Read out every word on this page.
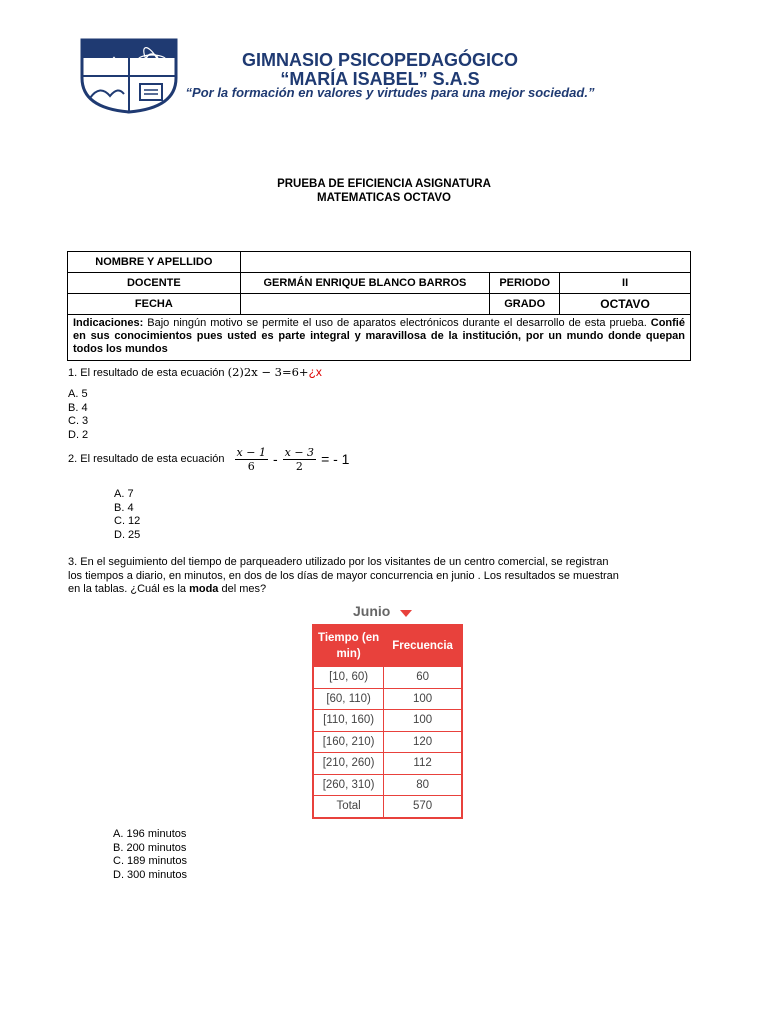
GIMNASIO PSICOPEDAGÓGICO
“MARÍA ISABEL” S.A.S
“Por la formación en valores y virtudes para una mejor sociedad.”
PRUEBA DE EFICIENCIA ASIGNATURA
MATEMATICAS OCTAVO
NOMBRE Y APELLIDO			
DOCENTE	GERMÁN ENRIQUE BLANCO BARROS	PERIODO	II
FECHA		GRADO	OCTAVO
Indicaciones: Bajo ningún motivo se permite el uso de aparatos electrónicos durante el desarrollo de esta prueba. Confié en sus conocimientos pues usted es parte integral y maravillosa de la institución, por un mundo donde quepan todos los mundos			
1. El resultado de esta ecuación (2)2x − 3=6+¿x
A. 5
B. 4
C. 3
D. 2
2. El resultado de esta ecuación $\frac{x - 1}{6} - \frac{x - 3}{2}$ = - 1
A. 7
B. 4
C. 12
D. 25
3. En el seguimiento del tiempo de parqueadero utilizado por los visitantes de un centro comercial, se registran
los tiempos a diario, en minutos, en dos de los días de mayor concurrencia en junio . Los resultados se muestran
en la tablas. ¿Cuál es la moda del mes?
Junio
Tiempo (en min)	Frecuencia
[10, 60)	60
[60, 110)	100
[110, 160)	100
[160, 210)	120
[210, 260)	112
[260, 310)	80
Total	570
A. 196 minutos
B. 200 minutos
C. 189 minutos
D. 300 minutos
